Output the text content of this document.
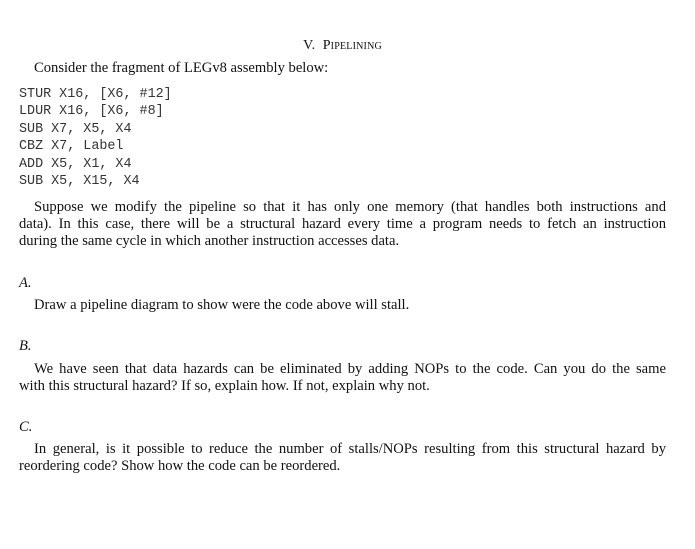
V. Pipelining
Consider the fragment of LEGv8 assembly below:
STUR X16, [X6, #12]
LDUR X16, [X6, #8]
SUB X7, X5, X4
CBZ X7, Label
ADD X5, X1, X4
SUB X5, X15, X4
Suppose we modify the pipeline so that it has only one memory (that handles both instructions and
data). In this case, there will be a structural hazard every time a program needs to fetch an instruction
during the same cycle in which another instruction accesses data.
A.
Draw a pipeline diagram to show were the code above will stall.
B.
We have seen that data hazards can be eliminated by adding NOPs to the code. Can you do the same
with this structural hazard? If so, explain how. If not, explain why not.
C.
In general, is it possible to reduce the number of stalls/NOPs resulting from this structural hazard by
reordering code? Show how the code can be reordered.
